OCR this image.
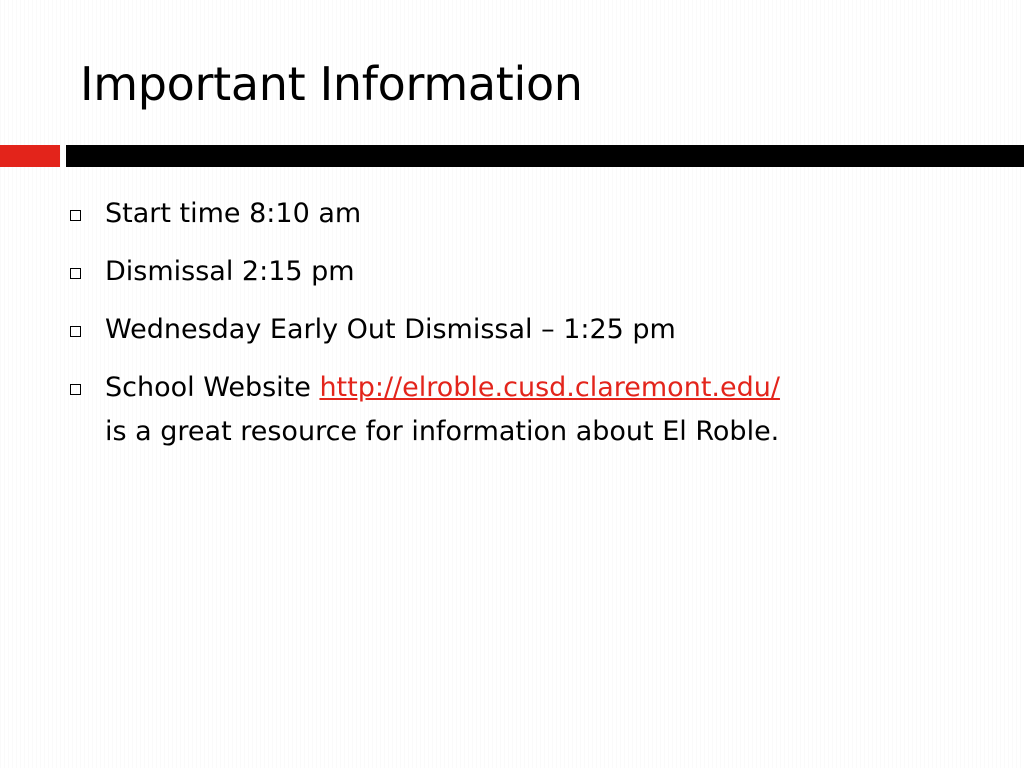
Important Information
Start time 8:10 am
Dismissal 2:15 pm
Wednesday Early Out Dismissal – 1:25 pm
School Website http://elroble.cusd.claremont.edu/
is a great resource for information about El Roble.
